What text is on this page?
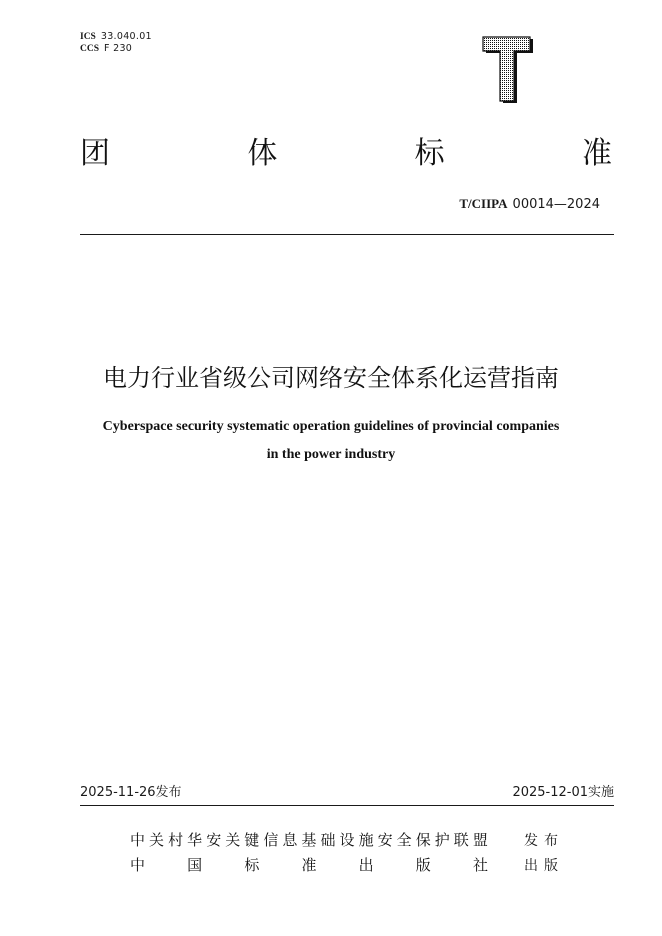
ICS 33.040.01
CCS F 230
团	体	标	准
T/CIIPA 00014—2024
电力行业省级公司网络安全体系化运营指南
Cyberspace security systematic operation guidelines of provincial companies
in the power industry
2025-11-26发布	2025-12-01实施
中 关 村 华 安 关 键 信 息 基 础 设 施 安 全 保 护 联 盟	发布
中	国	标	准	出	版	社	出版
